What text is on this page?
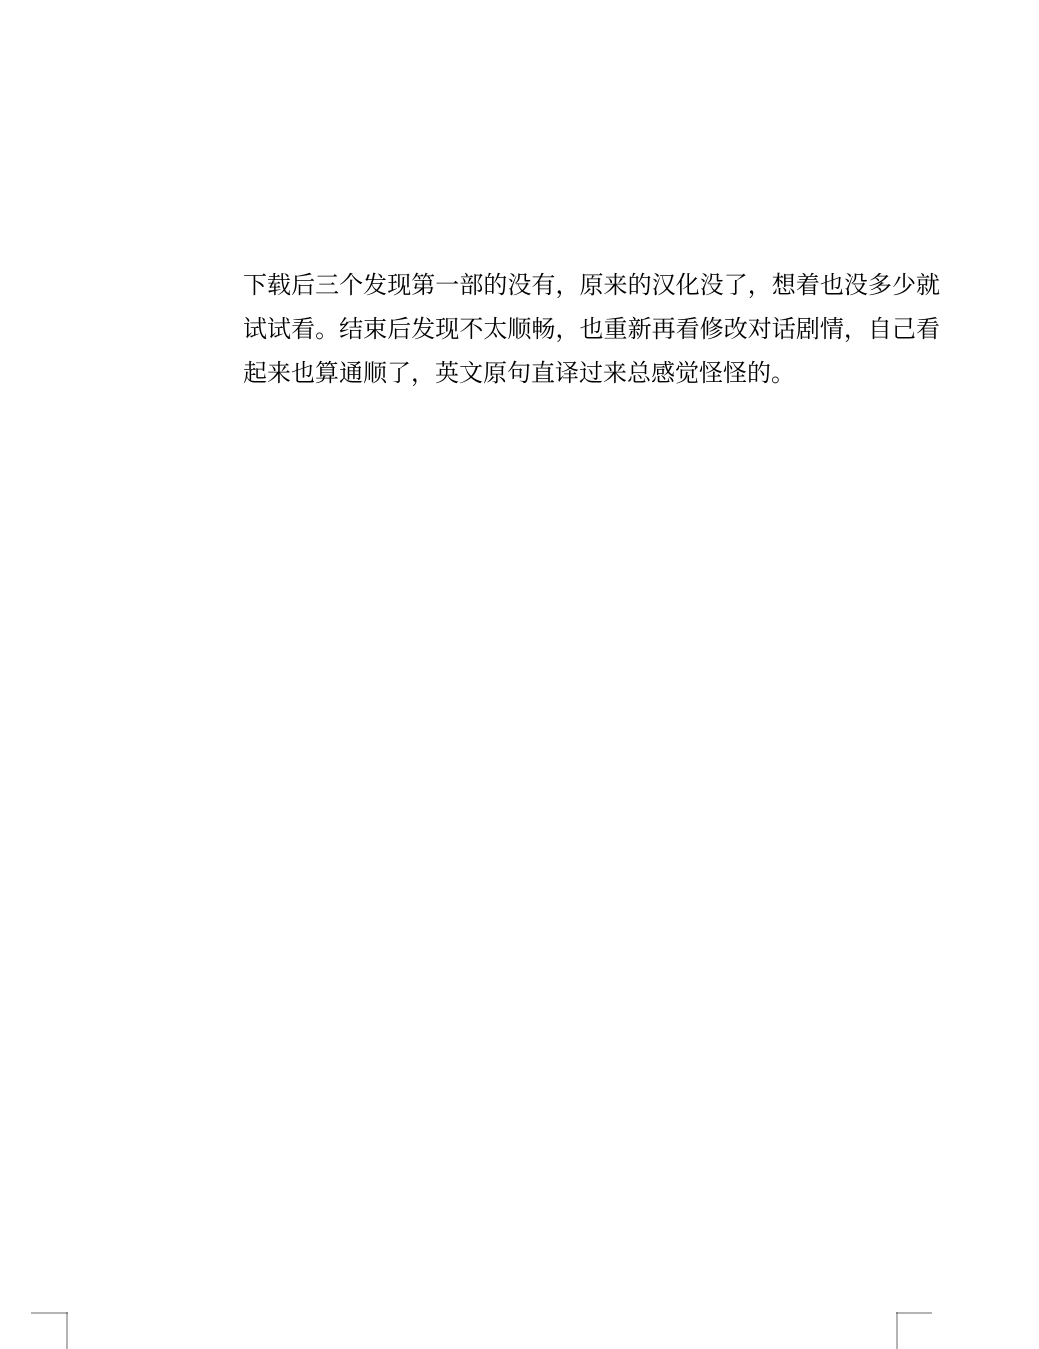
下载后三个发现第一部的没有，原来的汉化没了，想着也没多少就
试试看。结束后发现不太顺畅，也重新再看修改对话剧情，自己看
起来也算通顺了，英文原句直译过来总感觉怪怪的。
